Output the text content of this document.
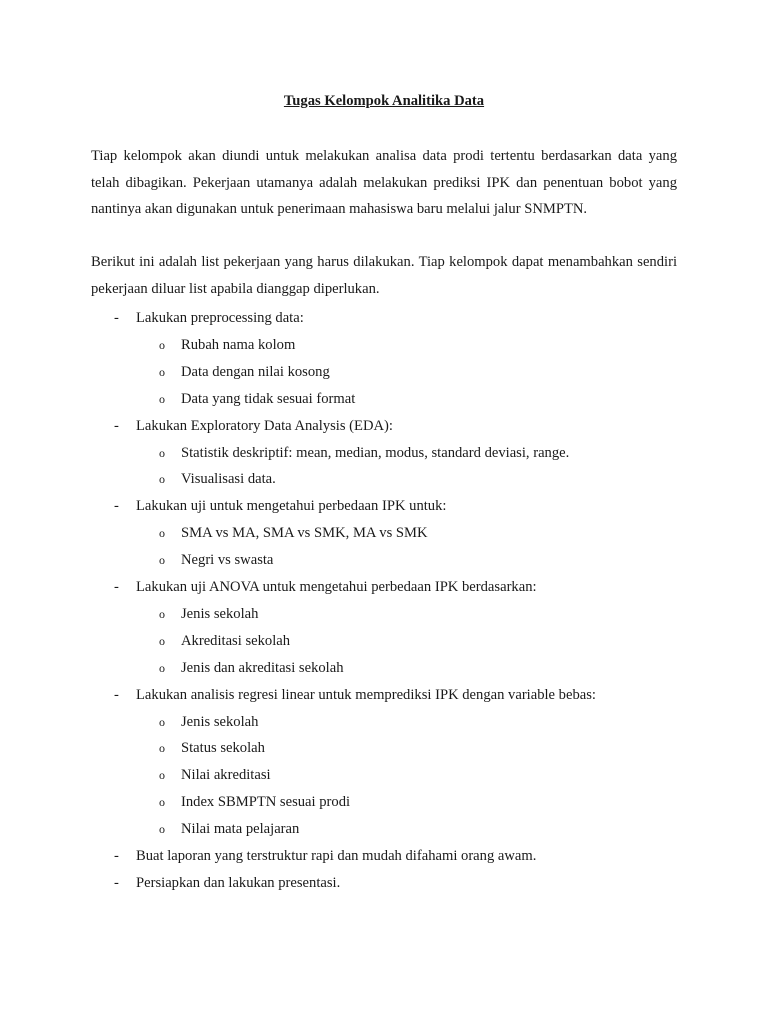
Tugas Kelompok Analitika Data
Tiap kelompok akan diundi untuk melakukan analisa data prodi tertentu berdasarkan data yang
telah dibagikan. Pekerjaan utamanya adalah melakukan prediksi IPK dan penentuan bobot yang
nantinya akan digunakan untuk penerimaan mahasiswa baru melalui jalur SNMPTN.
Berikut ini adalah list pekerjaan yang harus dilakukan. Tiap kelompok dapat menambahkan sendiri
pekerjaan diluar list apabila dianggap diperlukan.
- Lakukan preprocessing data:
o Rubah nama kolom
o Data dengan nilai kosong
o Data yang tidak sesuai format
- Lakukan Exploratory Data Analysis (EDA):
o Statistik deskriptif: mean, median, modus, standard deviasi, range.
o Visualisasi data.
- Lakukan uji untuk mengetahui perbedaan IPK untuk:
o SMA vs MA, SMA vs SMK, MA vs SMK
o Negri vs swasta
- Lakukan uji ANOVA untuk mengetahui perbedaan IPK berdasarkan:
o Jenis sekolah
o Akreditasi sekolah
o Jenis dan akreditasi sekolah
- Lakukan analisis regresi linear untuk memprediksi IPK dengan variable bebas:
o Jenis sekolah
o Status sekolah
o Nilai akreditasi
o Index SBMPTN sesuai prodi
o Nilai mata pelajaran
- Buat laporan yang terstruktur rapi dan mudah difahami orang awam.
- Persiapkan dan lakukan presentasi.
